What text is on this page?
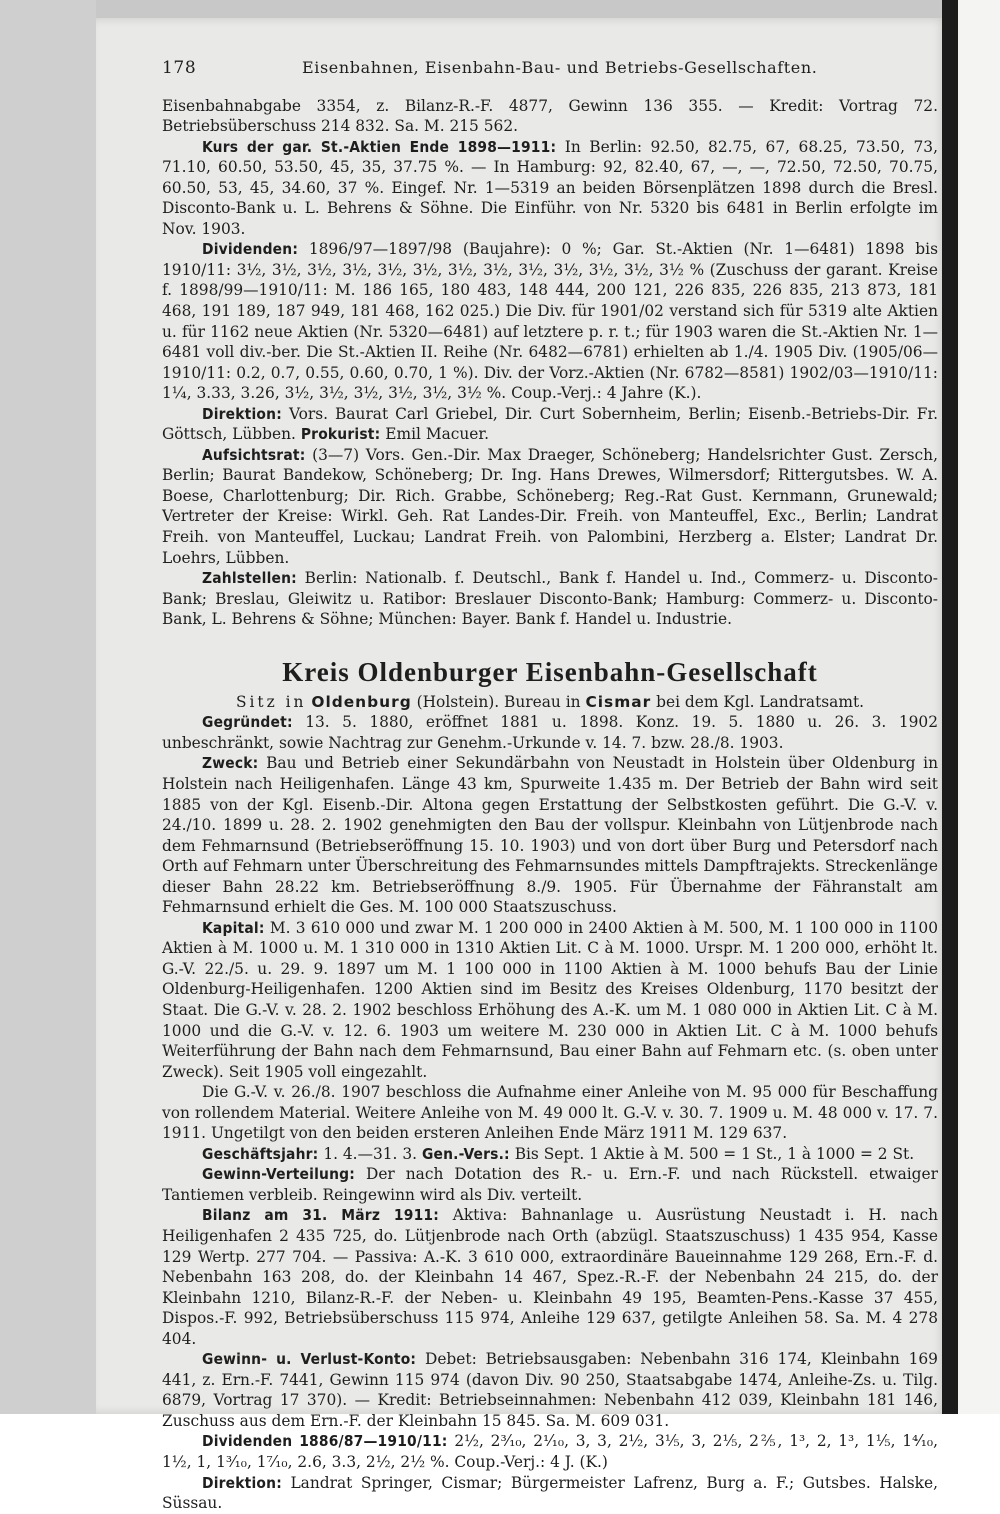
178	Eisenbahnen, Eisenbahn-Bau- und Betriebs-Gesellschaften.

Eisenbahnabgabe 3354, z. Bilanz-R.-F. 4877, Gewinn 136 355. — Kredit: Vortrag 72. Betriebsüberschuss 214 832. Sa. M. 215 562.

Kurs der gar. St.-Aktien Ende 1898—1911: In Berlin: 92.50, 82.75, 67, 68.25, 73.50, 73, 71.10, 60.50, 53.50, 45, 35, 37.75 %. — In Hamburg: 92, 82.40, 67, —, —, 72.50, 72.50, 70.75, 60.50, 53, 45, 34.60, 37 %. Eingef. Nr. 1—5319 an beiden Börsenplätzen 1898 durch die Bresl. Disconto-Bank u. L. Behrens & Söhne. Die Einführ. von Nr. 5320 bis 6481 in Berlin erfolgte im Nov. 1903.

Dividenden: 1896/97—1897/98 (Baujahre): 0 %; Gar. St.-Aktien (Nr. 1—6481) 1898 bis 1910/11: 3½, 3½, 3½, 3½, 3½, 3½, 3½, 3½, 3½, 3½, 3½, 3½, 3½ % (Zuschuss der garant. Kreise f. 1898/99—1910/11: M. 186 165, 180 483, 148 444, 200 121, 226 835, 226 835, 213 873, 181 468, 191 189, 187 949, 181 468, 162 025.) Die Div. für 1901/02 verstand sich für 5319 alte Aktien u. für 1162 neue Aktien (Nr. 5320—6481) auf letztere p. r. t.; für 1903 waren die St.-Aktien Nr. 1—6481 voll div.-ber. Die St.-Aktien II. Reihe (Nr. 6482—6781) erhielten ab 1./4. 1905 Div. (1905/06—1910/11: 0.2, 0.7, 0.55, 0.60, 0.70, 1 %). Div. der Vorz.-Aktien (Nr. 6782—8581) 1902/03—1910/11: 1¼, 3.33, 3.26, 3½, 3½, 3½, 3½, 3½, 3½ %. Coup.-Verj.: 4 Jahre (K.).

Direktion: Vors. Baurat Carl Griebel, Dir. Curt Sobernheim, Berlin; Eisenb.-Betriebs-Dir. Fr. Göttsch, Lübben. Prokurist: Emil Macuer.

Aufsichtsrat: (3—7) Vors. Gen.-Dir. Max Draeger, Schöneberg; Handelsrichter Gust. Zersch, Berlin; Baurat Bandekow, Schöneberg; Dr. Ing. Hans Drewes, Wilmersdorf; Rittergutsbes. W. A. Boese, Charlottenburg; Dir. Rich. Grabbe, Schöneberg; Reg.-Rat Gust. Kernmann, Grunewald; Vertreter der Kreise: Wirkl. Geh. Rat Landes-Dir. Freih. von Manteuffel, Exc., Berlin; Landrat Freih. von Manteuffel, Luckau; Landrat Freih. von Palombini, Herzberg a. Elster; Landrat Dr. Loehrs, Lübben.

Zahlstellen: Berlin: Nationalb. f. Deutschl., Bank f. Handel u. Ind., Commerz- u. Disconto-Bank; Breslau, Gleiwitz u. Ratibor: Breslauer Disconto-Bank; Hamburg: Commerz- u. Disconto-Bank, L. Behrens & Söhne; München: Bayer. Bank f. Handel u. Industrie.

Kreis Oldenburger Eisenbahn-Gesellschaft

Sitz in Oldenburg (Holstein). Bureau in Cismar bei dem Kgl. Landratsamt.

Gegründet: 13. 5. 1880, eröffnet 1881 u. 1898. Konz. 19. 5. 1880 u. 26. 3. 1902 unbeschränkt, sowie Nachtrag zur Genehm.-Urkunde v. 14. 7. bzw. 28./8. 1903.

Zweck: Bau und Betrieb einer Sekundärbahn von Neustadt in Holstein über Oldenburg in Holstein nach Heiligenhafen. Länge 43 km, Spurweite 1.435 m. Der Betrieb der Bahn wird seit 1885 von der Kgl. Eisenb.-Dir. Altona gegen Erstattung der Selbstkosten geführt. Die G.-V. v. 24./10. 1899 u. 28. 2. 1902 genehmigten den Bau der vollspur. Kleinbahn von Lütjenbrode nach dem Fehmarnsund (Betriebseröffnung 15. 10. 1903) und von dort über Burg und Petersdorf nach Orth auf Fehmarn unter Überschreitung des Fehmarnsundes mittels Dampftrajekts. Streckenlänge dieser Bahn 28.22 km. Betriebseröffnung 8./9. 1905. Für Übernahme der Fähranstalt am Fehmarnsund erhielt die Ges. M. 100 000 Staatszuschuss.

Kapital: M. 3 610 000 und zwar M. 1 200 000 in 2400 Aktien à M. 500, M. 1 100 000 in 1100 Aktien à M. 1000 u. M. 1 310 000 in 1310 Aktien Lit. C à M. 1000. Urspr. M. 1 200 000, erhöht lt. G.-V. 22./5. u. 29. 9. 1897 um M. 1 100 000 in 1100 Aktien à M. 1000 behufs Bau der Linie Oldenburg-Heiligenhafen. 1200 Aktien sind im Besitz des Kreises Oldenburg, 1170 besitzt der Staat. Die G.-V. v. 28. 2. 1902 beschloss Erhöhung des A.-K. um M. 1 080 000 in Aktien Lit. C à M. 1000 und die G.-V. v. 12. 6. 1903 um weitere M. 230 000 in Aktien Lit. C à M. 1000 behufs Weiterführung der Bahn nach dem Fehmarnsund, Bau einer Bahn auf Fehmarn etc. (s. oben unter Zweck). Seit 1905 voll eingezahlt.

Die G.-V. v. 26./8. 1907 beschloss die Aufnahme einer Anleihe von M. 95 000 für Beschaffung von rollendem Material. Weitere Anleihe von M. 49 000 lt. G.-V. v. 30. 7. 1909 u. M. 48 000 v. 17. 7. 1911. Ungetilgt von den beiden ersteren Anleihen Ende März 1911 M. 129 637.

Geschäftsjahr: 1. 4.—31. 3. Gen.-Vers.: Bis Sept. 1 Aktie à M. 500 = 1 St., 1 à 1000 = 2 St.

Gewinn-Verteilung: Der nach Dotation des R.- u. Ern.-F. und nach Rückstell. etwaiger Tantiemen verbleib. Reingewinn wird als Div. verteilt.

Bilanz am 31. März 1911: Aktiva: Bahnanlage u. Ausrüstung Neustadt i. H. nach Heiligenhafen 2 435 725, do. Lütjenbrode nach Orth (abzügl. Staatszuschuss) 1 435 954, Kasse 129 Wertp. 277 704. — Passiva: A.-K. 3 610 000, extraordinäre Baueinnahme 129 268, Ern.-F. d. Nebenbahn 163 208, do. der Kleinbahn 14 467, Spez.-R.-F. der Nebenbahn 24 215, do. der Kleinbahn 1210, Bilanz-R.-F. der Neben- u. Kleinbahn 49 195, Beamten-Pens.-Kasse 37 455, Dispos.-F. 992, Betriebsüberschuss 115 974, Anleihe 129 637, getilgte Anleihen 58. Sa. M. 4 278 404.

Gewinn- u. Verlust-Konto: Debet: Betriebsausgaben: Nebenbahn 316 174, Kleinbahn 169 441, z. Ern.-F. 7441, Gewinn 115 974 (davon Div. 90 250, Staatsabgabe 1474, Anleihe-Zs. u. Tilg. 6879, Vortrag 17 370). — Kredit: Betriebseinnahmen: Nebenbahn 412 039, Kleinbahn 181 146, Zuschuss aus dem Ern.-F. der Kleinbahn 15 845. Sa. M. 609 031.

Dividenden 1886/87—1910/11: 2½, 2³⁄₁₀, 2¹⁄₁₀, 3, 3, 2½, 3⅕, 3, 2⅕, 2⅖, 1³, 2, 1³, 1⅕, 1⁴⁄₁₀, 1½, 1, 1³⁄₁₀, 1⁷⁄₁₀, 2.6, 3.3, 2½, 2½ %. Coup.-Verj.: 4 J. (K.)

Direktion: Landrat Springer, Cismar; Bürgermeister Lafrenz, Burg a. F.; Gutsbes. Halske, Süssau.
